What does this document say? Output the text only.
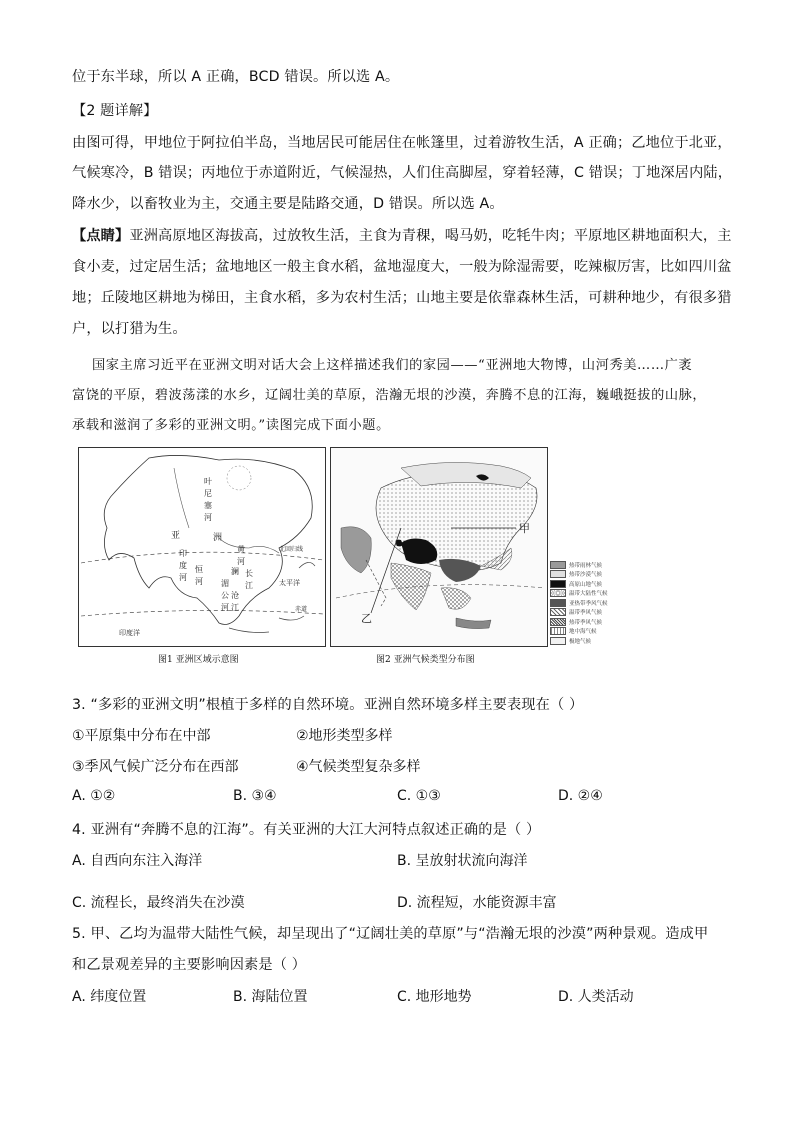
位于东半球，所以 A 正确，BCD 错误。所以选 A。
【2 题详解】
由图可得，甲地位于阿拉伯半岛，当地居民可能居住在帐篷里，过着游牧生活，A 正确；乙地位于北亚，
气候寒冷，B 错误；丙地位于赤道附近，气候湿热，人们住高脚屋，穿着轻薄，C 错误；丁地深居内陆，
降水少，以畜牧业为主，交通主要是陆路交通，D 错误。所以选 A。
【点睛】亚洲高原地区海拔高，过放牧生活，主食为青稞，喝马奶，吃牦牛肉；平原地区耕地面积大，主
食小麦，过定居生活；盆地地区一般主食水稻，盆地湿度大，一般为除湿需要，吃辣椒厉害，比如四川盆
地；丘陵地区耕地为梯田，主食水稻，多为农村生活；山地主要是依靠森林生活，可耕种地少，有很多猎
户，以打猎为生。
国家主席习近平在亚洲文明对话大会上这样描述我们的家园——“亚洲地大物博，山河秀美……广袤
富饶的平原，碧波荡漾的水乡，辽阔壮美的草原，浩瀚无垠的沙漠，奔腾不息的江海，巍峨挺拔的山脉，
承载和滋润了多彩的亚洲文明。”读图完成下面小题。
叶
尼
塞
河
亚	洲
黄
河
长
江
印
度
河
恒
河 湄
公
河
澜
沧
江
太平洋
印度洋
赤道
北回归线
图1 亚洲区域示意图
甲
乙
热带雨林气候
热带沙漠气候
高原山地气候
温带大陆性气候
亚热带季风气候
温带季风气候
热带季风气候
地中海气候
极地气候
图2 亚洲气候类型分布图
3. “多彩的亚洲文明”根植于多样的自然环境。亚洲自然环境多样主要表现在（ ）
①平原集中分布在中部	②地形类型多样
③季风气候广泛分布在西部	④气候类型复杂多样
A. ①②	B. ③④	C. ①③	D. ②④
4. 亚洲有“奔腾不息的江海”。有关亚洲的大江大河特点叙述正确的是（ ）
A. 自西向东注入海洋	B. 呈放射状流向海洋
C. 流程长，最终消失在沙漠	D. 流程短，水能资源丰富
5. 甲、乙均为温带大陆性气候，却呈现出了“辽阔壮美的草原”与“浩瀚无垠的沙漠”两种景观。造成甲
和乙景观差异的主要影响因素是（ ）
A. 纬度位置	B. 海陆位置	C. 地形地势	D. 人类活动
